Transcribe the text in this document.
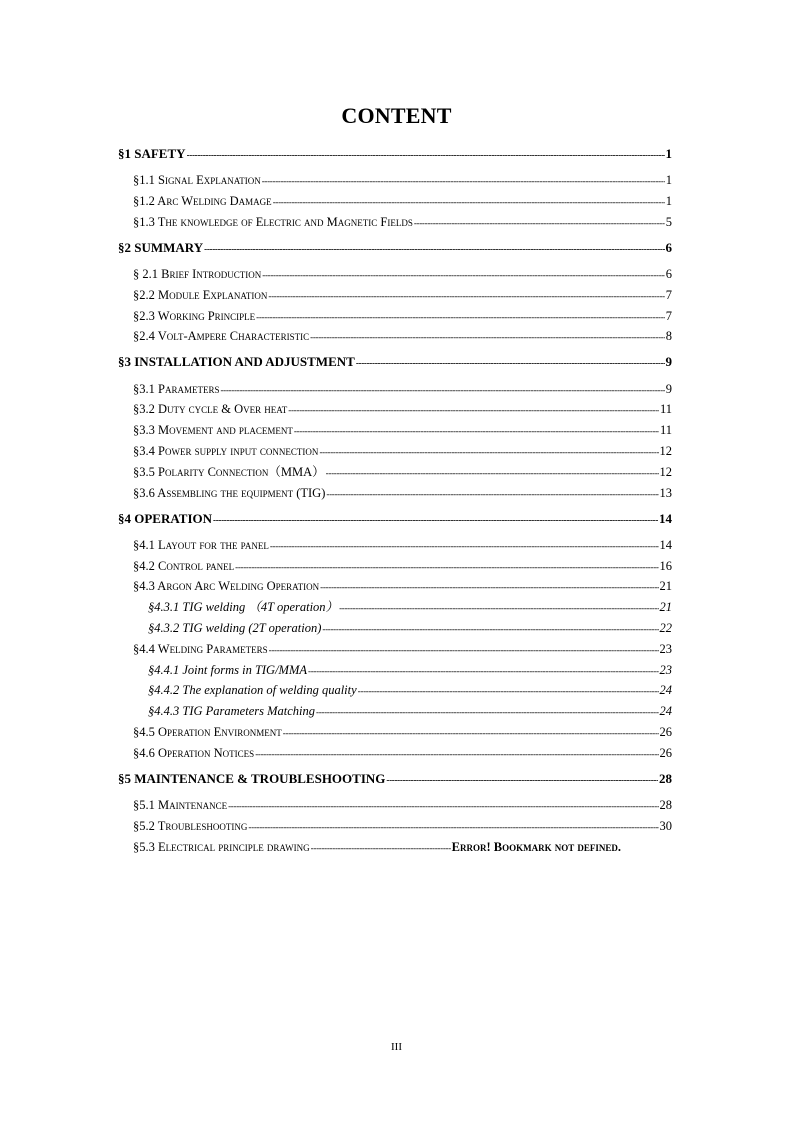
CONTENT
§1 SAFETY -----	1
§1.1 Signal Explanation -----	1
§1.2 Arc Welding Damage -----	1
§1.3 The knowledge of Electric and Magnetic Fields -----	5
§2 SUMMARY -----	6
§ 2.1 Brief Introduction -----	6
§2.2 Module Explanation -----	7
§2.3 Working Principle -----	7
§2.4 Volt-Ampere Characteristic -----	8
§3 INSTALLATION AND ADJUSTMENT -----	9
§3.1 Parameters -----	9
§3.2 Duty cycle & Over heat -----	11
§3.3 Movement and placement -----	11
§3.4 Power supply input connection -----	12
§3.5 Polarity Connection（MMA） -----	12
§3.6 Assembling the equipment (TIG) -----	13
§4 OPERATION -----	14
§4.1 Layout for the panel -----	14
§4.2 Control panel -----	16
§4.3 Argon Arc Welding Operation -----	21
§4.3.1 TIG welding （4T operation） -----	21
§4.3.2 TIG welding (2T operation) -----	22
§4.4 Welding Parameters -----	23
§4.4.1 Joint forms in TIG/MMA -----	23
§4.4.2 The explanation of welding quality -----	24
§4.4.3 TIG Parameters Matching -----	24
§4.5 Operation Environment -----	26
§4.6 Operation Notices -----	26
§5 MAINTENANCE & TROUBLESHOOTING -----	28
§5.1 Maintenance -----	28
§5.2 Troubleshooting -----	30
§5.3 Electrical principle drawing -----	Error! Bookmark not defined.
III
